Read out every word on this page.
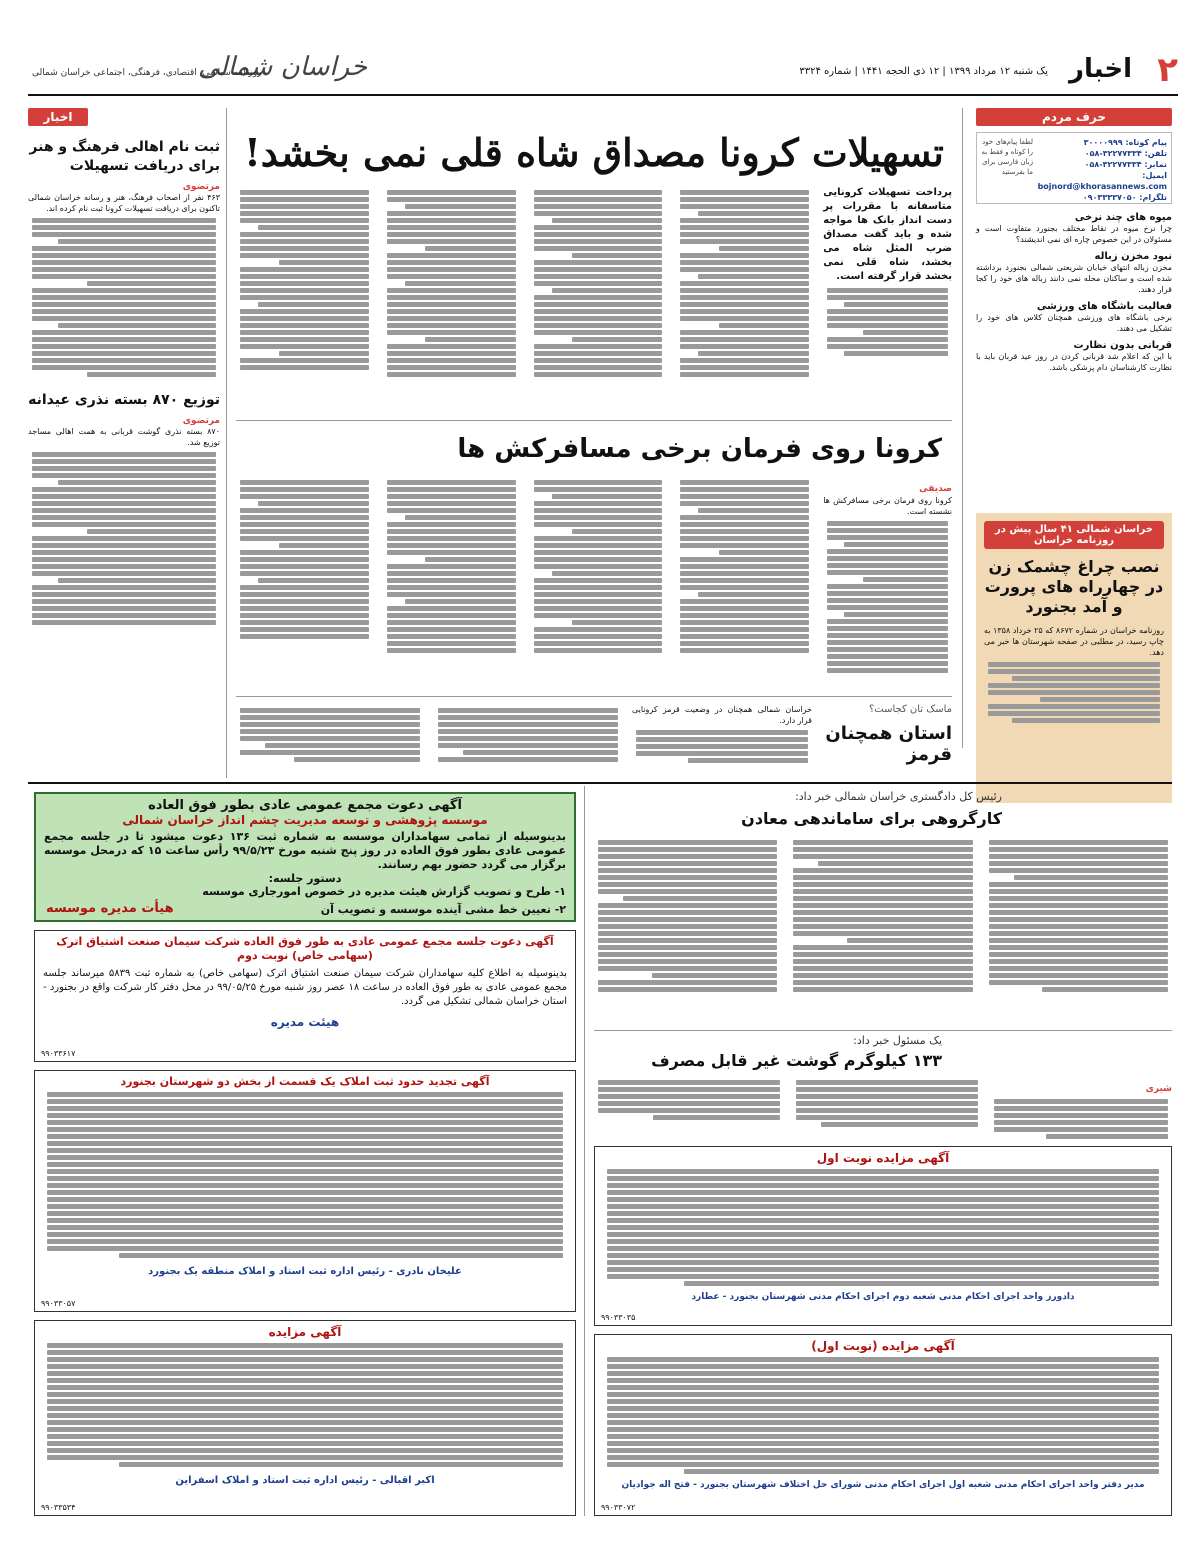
۲
اخبار
یک شنبه ۱۲ مرداد ۱۳۹۹ | ۱۲ ذی الحجه ۱۴۴۱ | شماره ۳۳۲۴
خراسان شمالی
روزنامه سیاسی، اقتصادی، فرهنگی، اجتماعی خراسان شمالی
حرف مردم
پیام کوتاه: ۳۰۰۰۰۹۹۹
تلفن: ۳۲۲۷۷۳۳۴-۰۵۸
نمابر: ۳۲۲۷۷۳۳۴-۰۵۸
ایمیل: bojnord@khorasannews.com
تلگرام: ۰۹۰۳۳۳۳۷۰۵۰
لطفا پیام‌های خود را کوتاه و فقط به زبان فارسی برای ما بفرستید
میوه های چند نرخی
چرا نرخ میوه در نقاط مختلف بجنورد متفاوت است و مسئولان در این خصوص چاره ای نمی اندیشند؟
نبود مخزن زباله
مخزن زباله انتهای خیابان شریعتی شمالی بجنورد برداشته شده است و ساکنان محله نمی دانند زباله های خود را کجا قرار دهند.
فعالیت باشگاه های ورزشی
برخی باشگاه های ورزشی همچنان کلاس های خود را تشکیل می دهند.
قربانی بدون نظارت
با این که اعلام شد قربانی کردن در روز عید قربان باید با نظارت کارشناسان دام پزشکی باشد.
خراسان شمالی ۴۱ سال پیش در روزنامه خراسان
نصب چراغ چشمک زن در چهارراه های پرورت و آمد بجنورد
روزنامه خراسان در شماره ۸۶۷۲ که ۲۵ خرداد ۱۳۵۸ به چاپ رسید، در مطلبی در صفحه شهرستان ها خبر می دهد.
تسهیلات کرونا مصداق شاه قلی نمی بخشد!
پرداخت تسهیلات کرونایی متاسفانه با مقررات پر دست انداز بانک ها مواجه شده و باید گفت مصداق ضرب المثل شاه می بخشد، شاه قلی نمی بخشد قرار گرفته است.
کرونا روی فرمان برخی مسافرکش ها
صدیقی
کرونا روی فرمان برخی مسافرکش ها نشسته است.
ماسک تان کجاست؟
استان همچنان قرمز
خراسان شمالی همچنان در وضعیت قرمز کرونایی قرار دارد.
اخبار
ثبت نام اهالی فرهنگ و هنر برای دریافت تسهیلات
مرتضوی
۴۶۳ نفر از اصحاب فرهنگ، هنر و رسانه خراسان شمالی تاکنون برای دریافت تسهیلات کرونا ثبت نام کرده اند.
توزیع ۸۷۰ بسته نذری عیدانه
مرتضوی
۸۷۰ بسته نذری گوشت قربانی به همت اهالی مساجد توزیع شد.
آگهی دعوت مجمع عمومی عادی بطور فوق العاده
موسسه پژوهشی و توسعه مدیریت چشم انداز خراسان شمالی
بدینوسیله از تمامی سهامداران موسسه به شماره ثبت ۱۳۶ دعوت میشود تا در جلسه مجمع عمومی عادی بطور فوق العاده در روز پنج شنبه مورخ ۹۹/۵/۲۳ رأس ساعت ۱۵ که درمحل موسسه برگزار می گردد حضور بهم رسانند.
دستور جلسه:
۱- طرح و تصویب گزارش هیئت مدیره در خصوص امورجاری موسسه
۲- تعیین خط مشی آینده موسسه و تصویب آن
هیأت مدیره موسسه
آگهی دعوت جلسه مجمع عمومی عادی به طور فوق العاده شرکت سیمان صنعت اشتیاق اترک (سهامی خاص) نوبت دوم
بدینوسیله به اطلاع کلیه سهامداران شرکت سیمان صنعت اشتیاق اترک (سهامی خاص) به شماره ثبت ۵۸۳۹ میرساند جلسه مجمع عمومی عادی به طور فوق العاده در ساعت ۱۸ عصر روز شنبه مورخ ۹۹/۰۵/۲۵ در محل دفتر کار شرکت واقع در بجنورد - استان خراسان شمالی تشکیل می گردد.
هیئت مدیره
۹۹۰۳۳۶۱۷
آگهی تجدید حدود ثبت املاک یک قسمت از بخش دو شهرستان بجنورد
علیخان نادری - رئیس اداره ثبت اسناد و املاک منطقه یک بجنورد
۹۹۰۳۳۰۵۷
آگهی مزایده
اکبر اقبالی - رئیس اداره ثبت اسناد و املاک اسفراین
۹۹۰۳۳۵۳۴
رئیس کل دادگستری خراسان شمالی خبر داد:
کارگروهی برای ساماندهی معادن
یک مسئول خبر داد:
۱۳۳ کیلوگرم گوشت غیر قابل مصرف
شیری
آگهی مزایده نوبت اول
دادورز واحد اجرای احکام مدنی شعبه دوم اجرای احکام مدنی شهرستان بجنورد - عطارد
۹۹۰۳۳۰۳۵
آگهی مزایده (نوبت اول)
مدیر دفتر واحد اجرای احکام مدنی شعبه اول اجرای احکام مدنی شورای حل اختلاف شهرستان بجنورد - فتح اله جوادیان
۹۹۰۳۳۰۷۲
